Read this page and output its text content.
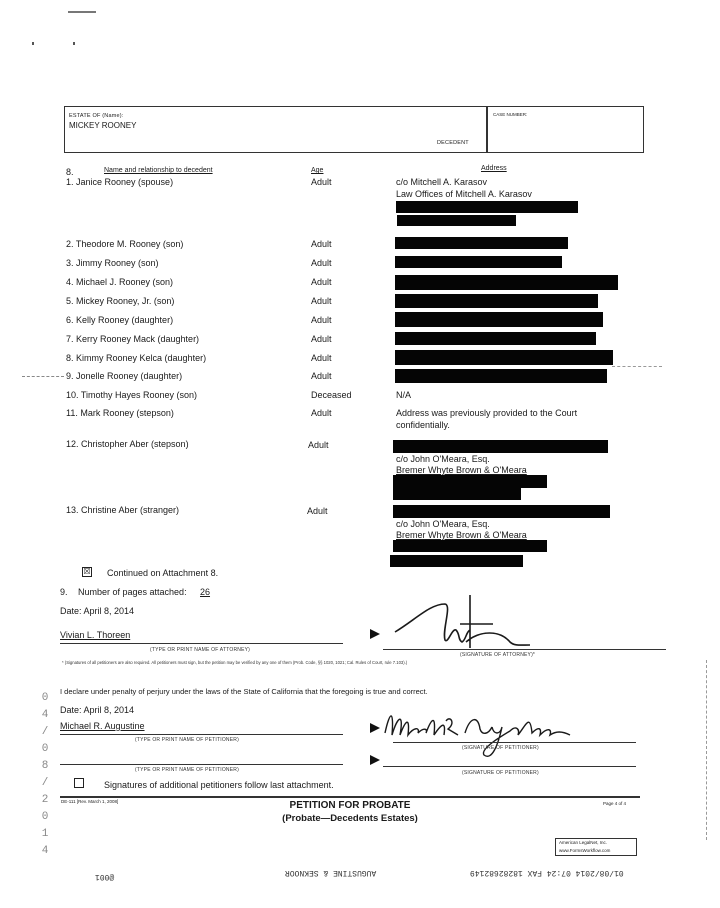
ESTATE OF (Name):
MICKEY ROONEY
DECEDENT
CASE NUMBER:
8.	Name and relationship to decedent	Age	Address
1. Janice Rooney (spouse)	Adult	c/o Mitchell A. Karasov
Law Offices of Mitchell A. Karasov
2. Theodore M. Rooney (son)	Adult
3. Jimmy Rooney (son)	Adult
4. Michael J. Rooney (son)	Adult
5. Mickey Rooney, Jr. (son)	Adult
6. Kelly Rooney (daughter)	Adult
7. Kerry Rooney Mack (daughter)	Adult
8. Kimmy Rooney Kelca (daughter)	Adult
9. Jonelle Rooney (daughter)	Adult
10. Timothy Hayes Rooney (son)	Deceased	N/A
11. Mark Rooney (stepson)	Adult	Address was previously provided to the Court
confidentially.
12. Christopher Aber (stepson)	Adult
c/o John O'Meara, Esq.
Bremer Whyte Brown & O'Meara
13. Christine Aber (stranger)	Adult
c/o John O'Meara, Esq.
Bremer Whyte Brown & O'Meara
☒ Continued on Attachment 8.
9. Number of pages attached: 26
Date: April 8, 2014
Vivian L. Thoreen
(TYPE OR PRINT NAME OF ATTORNEY)
(SIGNATURE OF ATTORNEY)*
* (Signatures of all petitioners are also required. All petitioners must sign, but the petition may be verified by any one of them (Prob. Code, §§ 1020, 1021; Cal. Rules of Court, rule 7.103).)
I declare under penalty of perjury under the laws of the State of California that the foregoing is true and correct.
Date: April 8, 2014
Michael R. Augustine
(TYPE OR PRINT NAME OF PETITIONER)
(SIGNATURE OF PETITIONER)
(TYPE OR PRINT NAME OF PETITIONER)	(SIGNATURE OF PETITIONER)
Signatures of additional petitioners follow last attachment.
DE-111 [Rev. March 1, 2008]	PETITION FOR PROBATE
(Probate—Decedents Estates)
Page 4 of 4
American LegalNet, Inc.
www.FormsWorkflow.com
0
4
/
0
8
/
2
0
1
4
01/08/2014 07:24 FAX 18282682149
AUGUSTINE & SEKNOOR
@001
